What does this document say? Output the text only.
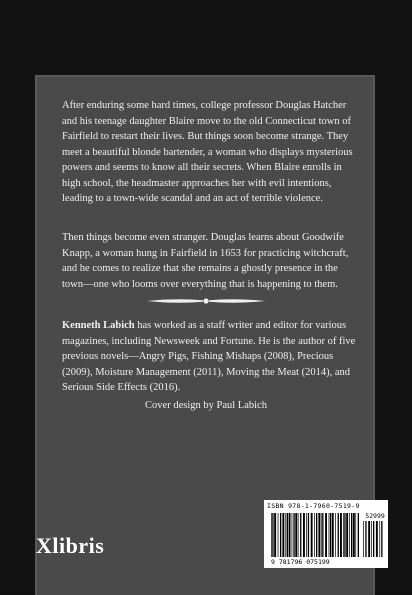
After enduring some hard times, college professor Douglas Hatcher and his teenage daughter Blaire move to the old Connecticut town of Fairfield to restart their lives. But things soon become strange. They meet a beautiful blonde bartender, a woman who displays mysterious powers and seems to know all their secrets. When Blaire enrolls in high school, the headmaster approaches her with evil intentions, leading to a town-wide scandal and an act of terrible violence.
Then things become even stranger. Douglas learns about Goodwife Knapp, a woman hung in Fairfield in 1653 for practicing witchcraft, and he comes to realize that she remains a ghostly presence in the town—one who looms over everything that is happening to them.
Kenneth Labich has worked as a staff writer and editor for various magazines, including Newsweek and Fortune. He is the author of five previous novels—Angry Pigs, Fishing Mishaps (2008), Precious (2009), Moisture Management (2011), Moving the Meat (2014), and Serious Side Effects (2016).
Cover design by Paul Labich
Xlibris
ISBN 978-1-7960-7519-9
52999
9 781796 075199
